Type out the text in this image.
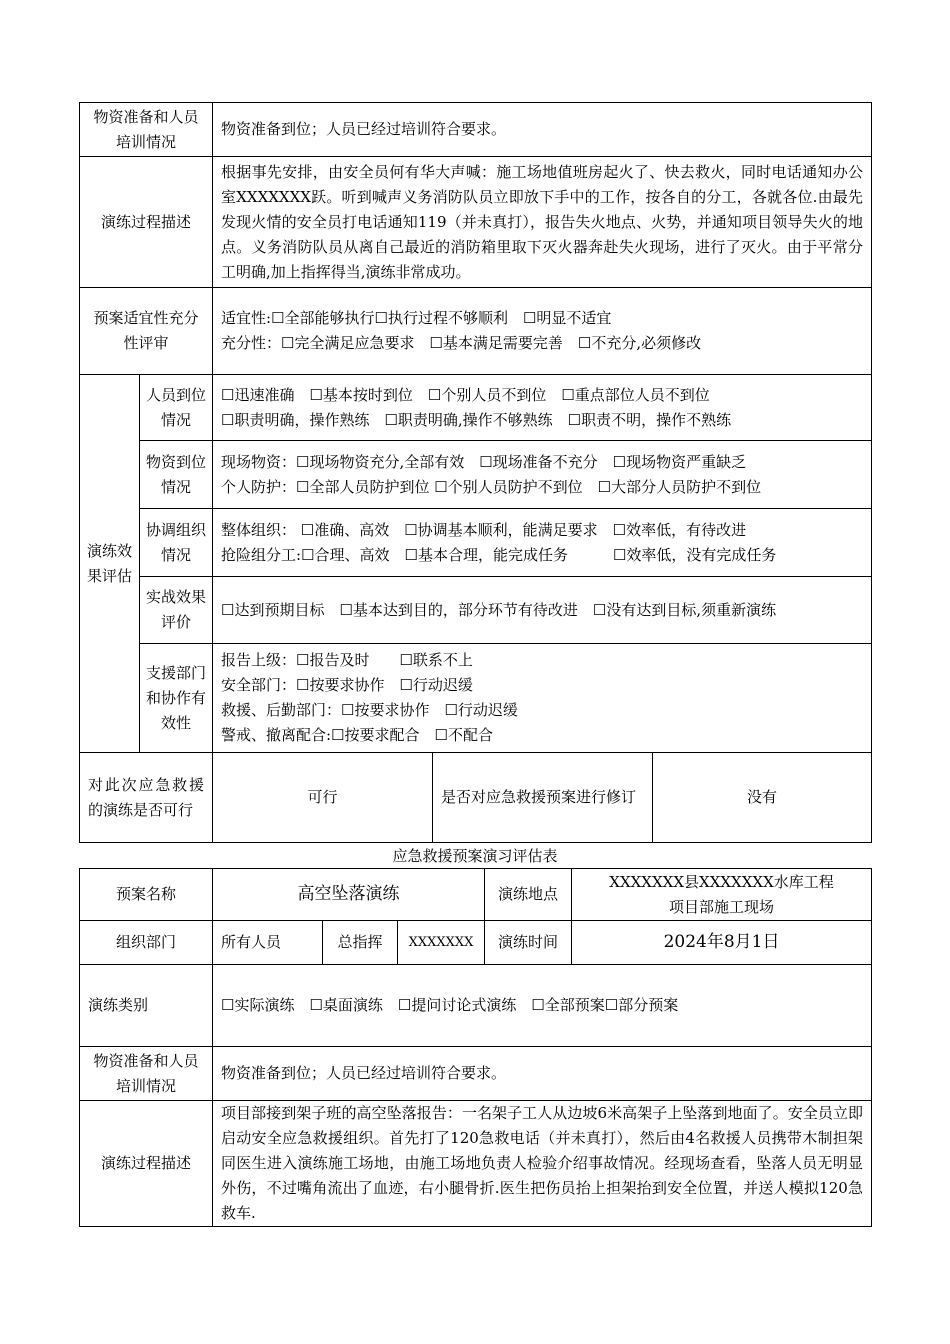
物资准备和人员培训情况		物资准备到位；人员已经过培训符合要求。		
演练过程描述		根据事先安排，由安全员何有华大声喊：施工场地值班房起火了、快去救火，同时电话通知办公室XXXXXXX跃。听到喊声义务消防队员立即放下手中的工作，按各自的分工，各就各位.由最先发现火情的安全员打电话通知119（并未真打），报告失火地点、火势，并通知项目领导失火的地点。义务消防队员从离自己最近的消防箱里取下灭火器奔赴失火现场，进行了灭火。由于平常分工明确,加上指挥得当,演练非常成功。		
预案适宜性充分性评审		适宜性:☐全部能够执行☐执行过程不够顺利　☐明显不适宜
充分性：☐完全满足应急要求　☐基本满足需要完善　☐不充分,必须修改		

演练效果评估	人员到位情况	☐迅速准确　☐基本按时到位　☐个别人员不到位　☐重点部位人员不到位
☐职责明确，操作熟练　☐职责明确,操作不够熟练　☐职责不明，操作不熟练		

	物资到位情况	现场物资：☐现场物资充分,全部有效　☐现场准备不充分　☐现场物资严重缺乏
个人防护：☐全部人员防护到位 ☐个别人员防护不到位　☐大部分人员防护不到位		

	协调组织情况	整体组织： ☐准确、高效　☐协调基本顺利，能满足要求　☐效率低，有待改进
抢险组分工:☐合理、高效　☐基本合理，能完成任务　　　☐效率低，没有完成任务		

	实战效果评价	☐达到预期目标　☐基本达到目的，部分环节有待改进　☐没有达到目标,须重新演练		
	支援部门和协作有效性	报告上级：☐报告及时　　☐联系不上
安全部门：☐按要求协作　☐行动迟缓
救援、后勤部门：☐按要求协作　☐行动迟缓
警戒、撤离配合:☐按要求配合　☐不配合		

对此次应急救援的演练是否可行		可行	是否对应急救援预案进行修订	没有
应急救援预案演习评估表
预案名称	高空坠落演练			演练地点	XXXXXXX县XXXXXXX水库工程
项目部施工现场

组织部门	所有人员	总指挥	XXXXXXX	演练时间	2024年8月1日
演练类别	☐实际演练　☐桌面演练　☐提问讨论式演练　☐全部预案☐部分预案				
物资准备和人员培训情况	物资准备到位；人员已经过培训符合要求。				
演练过程描述	项目部接到架子班的高空坠落报告：一名架子工人从边坡6米高架子上坠落到地面了。安全员立即启动安全应急救援组织。首先打了120急救电话（并未真打），然后由4名救援人员携带木制担架同医生进入演练施工场地，由施工场地负责人检验介绍事故情况。经现场查看，坠落人员无明显外伤，不过嘴角流出了血迹，右小腿骨折.医生把伤员抬上担架抬到安全位置，并送人模拟120急救车.				
